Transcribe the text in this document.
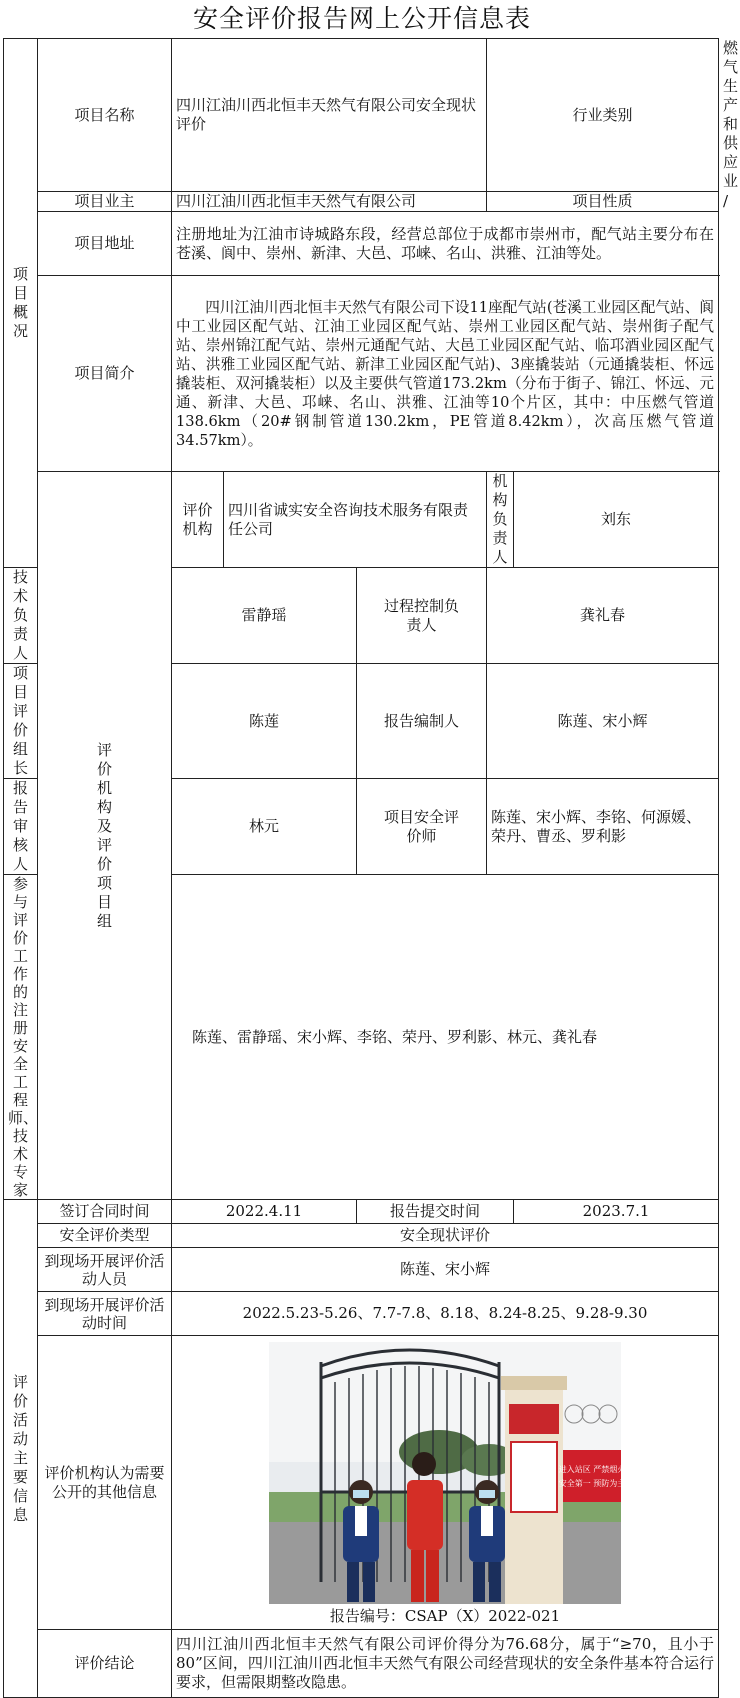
安全评价报告网上公开信息表
项目概况	项目名称	四川江油川西北恒丰天然气有限公司安全现状评价			行业类别		燃气生产和供应业
	项目业主	四川江油川西北恒丰天然气有限公司			项目性质		/
	项目地址	注册地址为江油市诗城路东段，经营总部位于成都市崇州市，配气站主要分布在苍溪、阆中、崇州、新津、大邑、邛崃、名山、洪雅、江油等处。					
	项目简介	四川江油川西北恒丰天然气有限公司下设11座配气站(苍溪工业园区配气站、阆中工业园区配气站、江油工业园区配气站、崇州工业园区配气站、崇州街子配气站、崇州锦江配气站、崇州元通配气站、大邑工业园区配气站、临邛酒业园区配气站、洪雅工业园区配气站、新津工业园区配气站)、3座撬装站（元通撬装柜、怀远撬装柜、双河撬装柜）以及主要供气管道173.2km（分布于街子、锦江、怀远、元通、新津、大邑、邛崃、名山、洪雅、江油等10个片区，其中：中压燃气管道138.6km（20#钢制管道130.2km，PE管道8.42km），次高压燃气管道34.57km）。					
	评价机构及评价项目组	评价机构	四川省诚实安全咨询技术服务有限责任公司		机构负责人	刘东	
技术负责人		雷静瑶		过程控制负责人	龚礼春		
项目评价组长		陈莲		报告编制人	陈莲、宋小辉		
报告审核人		林元		项目安全评价师	陈莲、宋小辉、李铭、何源媛、荣丹、曹丞、罗利影		
参与评价工作的注册安全工程师、技术专家		陈莲、雷静瑶、宋小辉、李铭、荣丹、罗利影、林元、龚礼春					
评价活动主要信息	签订合同时间	2022.4.11		报告提交时间		2023.7.1	
	安全评价类型	安全现状评价					
	到现场开展评价活动人员	陈莲、宋小辉					
	到现场开展评价活动时间	2022.5.23-5.26、7.7-7.8、8.18、8.24-8.25、9.28-9.30					
	评价机构认为需要公开的其他信息	进入站区 严禁烟火
安全第一 预防为主
报告编号：CSAP（X）2022-021					

	评价结论	四川江油川西北恒丰天然气有限公司评价得分为76.68分，属于“≥70，且小于80”区间，四川江油川西北恒丰天然气有限公司经营现状的安全条件基本符合运行要求，但需限期整改隐患。					
